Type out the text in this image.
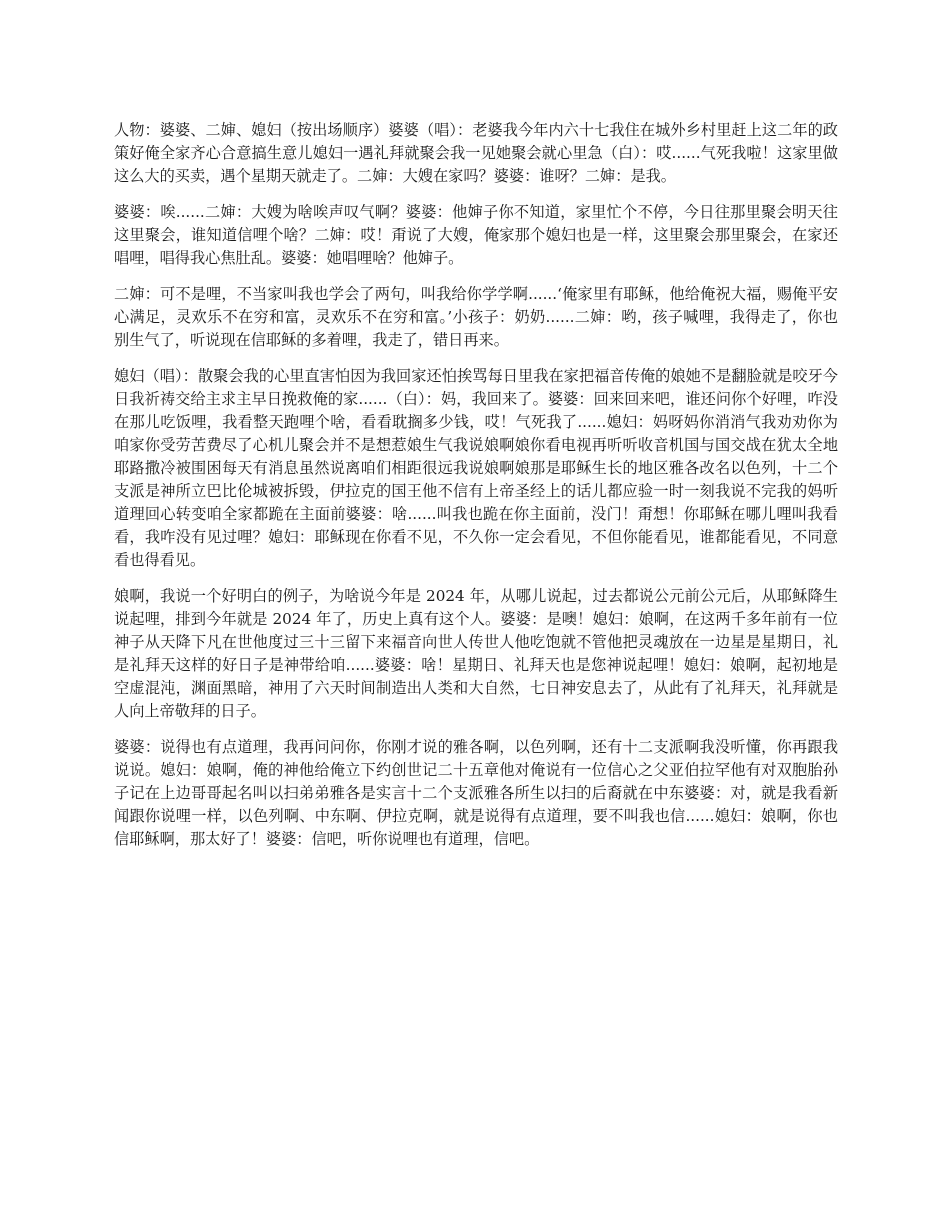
人物：婆婆、二婶、媳妇（按出场顺序）婆婆（唱）：老婆我今年内六十七我住在城外乡村里赶上这二年的政策好俺全家齐心合意搞生意儿媳妇一遇礼拜就聚会我一见她聚会就心里急（白）：哎......气死我啦！这家里做这么大的买卖，遇个星期天就走了。二婶：大嫂在家吗？婆婆：谁呀？二婶：是我。

婆婆：唉......二婶：大嫂为啥唉声叹气啊？婆婆：他婶子你不知道，家里忙个不停，今日往那里聚会明天往这里聚会，谁知道信哩个啥？二婶：哎！甭说了大嫂，俺家那个媳妇也是一样，这里聚会那里聚会，在家还唱哩，唱得我心焦肚乱。婆婆：她唱哩啥？他婶子。

二婶：可不是哩，不当家叫我也学会了两句，叫我给你学学啊......‘俺家里有耶稣，他给俺祝大福，赐俺平安心满足，灵欢乐不在穷和富，灵欢乐不在穷和富。’小孩子：奶奶......二婶：哟，孩子喊哩，我得走了，你也别生气了，听说现在信耶稣的多着哩，我走了，错日再来。

媳妇（唱）：散聚会我的心里直害怕因为我回家还怕挨骂每日里我在家把福音传俺的娘她不是翻脸就是咬牙今日我祈祷交给主求主早日挽救俺的家......（白）：妈，我回来了。婆婆：回来回来吧，谁还问你个好哩，咋没在那儿吃饭哩，我看整天跑哩个啥，看看耽搁多少钱，哎！气死我了......媳妇：妈呀妈你消消气我劝劝你为咱家你受劳苦费尽了心机儿聚会并不是想惹娘生气我说娘啊娘你看电视再听听收音机国与国交战在犹太全地耶路撒冷被围困每天有消息虽然说离咱们相距很远我说娘啊娘那是耶稣生长的地区雅各改名以色列，十二个支派是神所立巴比伦城被拆毁，伊拉克的国王他不信有上帝圣经上的话儿都应验一时一刻我说不完我的妈听道理回心转变咱全家都跪在主面前婆婆：啥......叫我也跪在你主面前，没门！甭想！你耶稣在哪儿哩叫我看看，我咋没有见过哩？媳妇：耶稣现在你看不见，不久你一定会看见，不但你能看见，谁都能看见，不同意看也得看见。

娘啊，我说一个好明白的例子，为啥说今年是 2024 年，从哪儿说起，过去都说公元前公元后，从耶稣降生说起哩，排到今年就是 2024 年了，历史上真有这个人。婆婆：是噢！媳妇：娘啊，在这两千多年前有一位神子从天降下凡在世他度过三十三留下来福音向世人传世人他吃饱就不管他把灵魂放在一边星是星期日，礼是礼拜天这样的好日子是神带给咱......婆婆：啥！星期日、礼拜天也是您神说起哩！媳妇：娘啊，起初地是空虚混沌，渊面黑暗，神用了六天时间制造出人类和大自然，七日神安息去了，从此有了礼拜天，礼拜就是人向上帝敬拜的日子。

婆婆：说得也有点道理，我再问问你，你刚才说的雅各啊，以色列啊，还有十二支派啊我没听懂，你再跟我说说。媳妇：娘啊，俺的神他给俺立下约创世记二十五章他对俺说有一位信心之父亚伯拉罕他有对双胞胎孙子记在上边哥哥起名叫以扫弟弟雅各是实言十二个支派雅各所生以扫的后裔就在中东婆婆：对，就是我看新闻跟你说哩一样，以色列啊、中东啊、伊拉克啊，就是说得有点道理，要不叫我也信......媳妇：娘啊，你也信耶稣啊，那太好了！婆婆：信吧，听你说哩也有道理，信吧。
